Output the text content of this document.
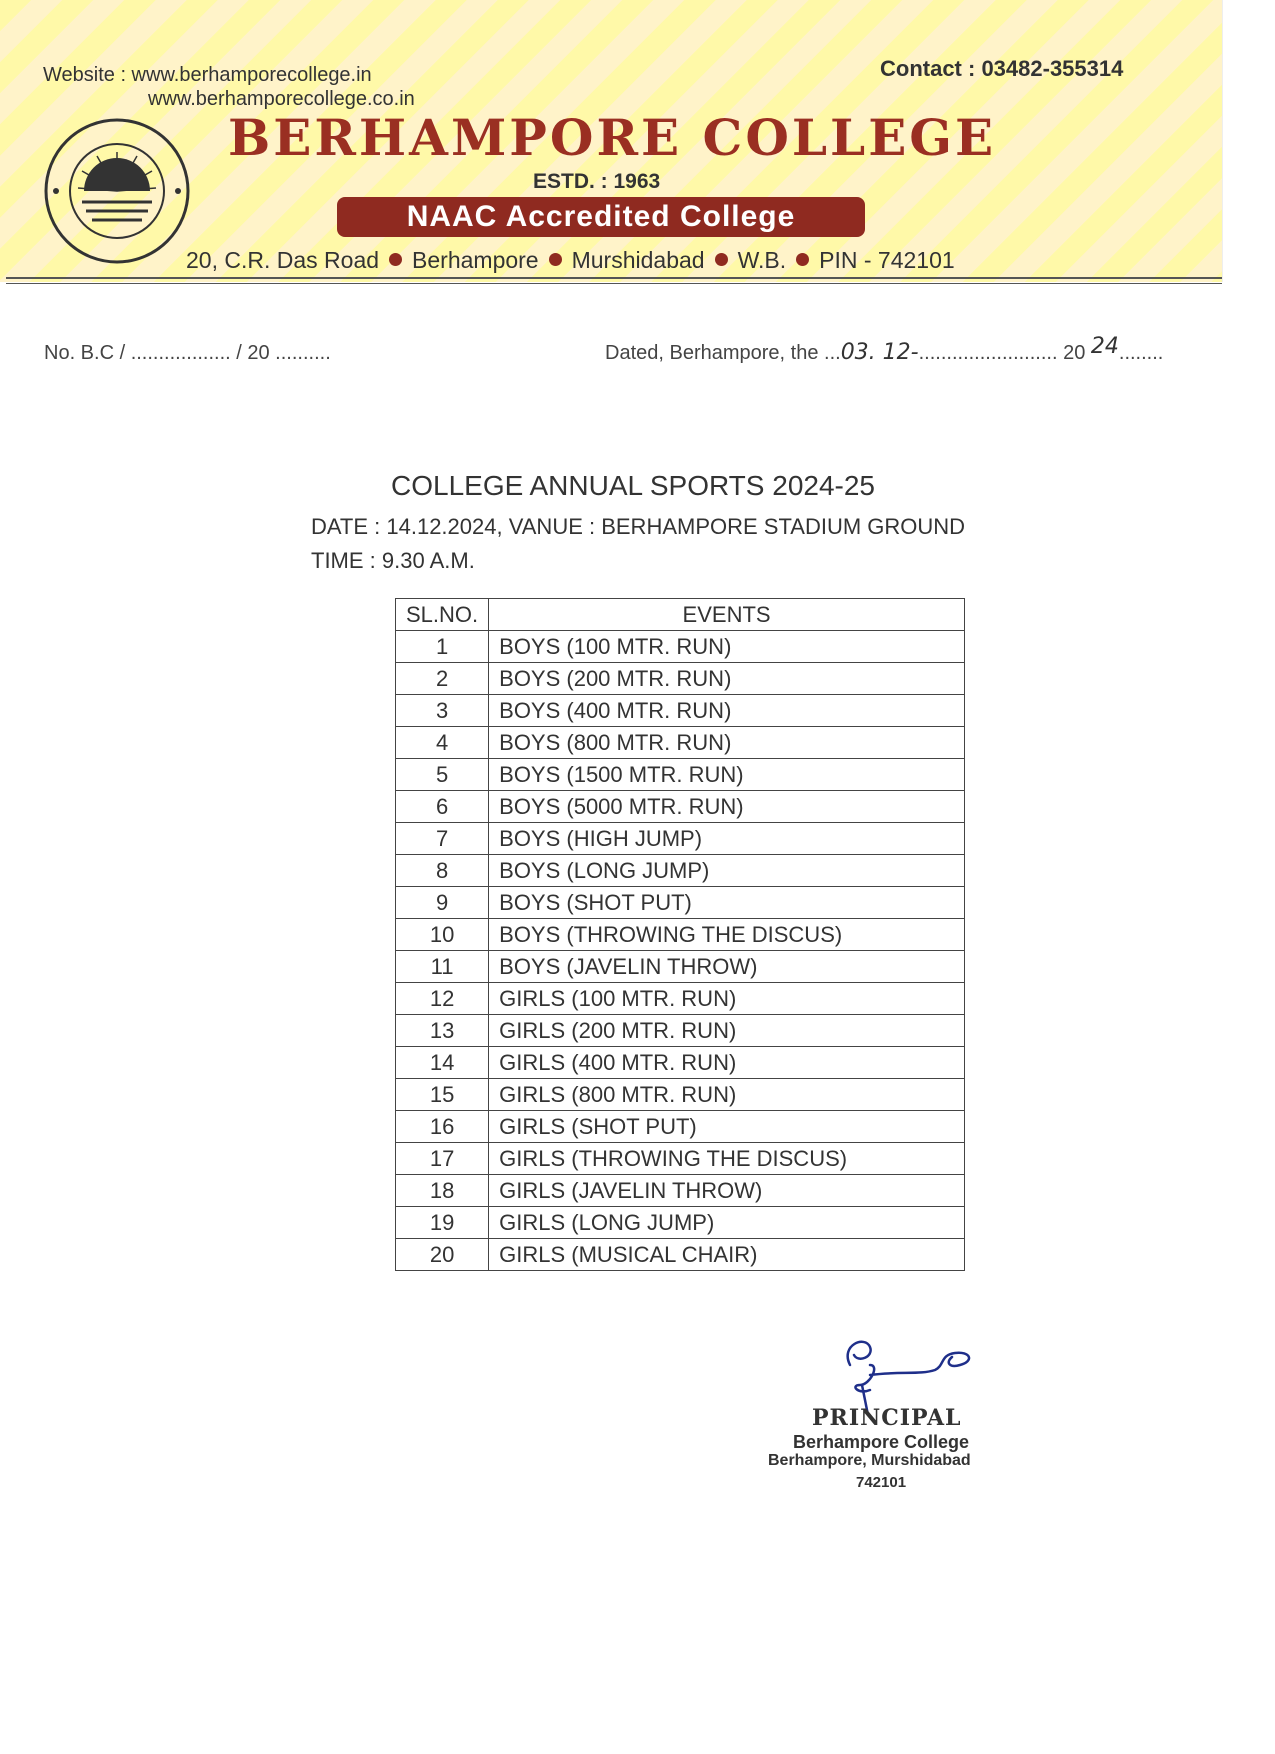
Website : www.berhamporecollege.in
www.berhamporecollege.co.in
Contact : 03482-355314
BERHAMPORE COLLEGE
ESTD. : 1963
NAAC Accredited College
20, C.R. Das Road Berhampore Murshidabad W.B. PIN - 742101
No. B.C / .................. / 20 ..........	Dated, Berhampore, the ...03. 12-......................... 20 24........
COLLEGE ANNUAL SPORTS 2024-25
DATE : 14.12.2024, VANUE : BERHAMPORE STADIUM GROUND
TIME : 9.30 A.M.
SL.NO.	EVENTS
1	BOYS (100 MTR. RUN)
2	BOYS (200 MTR. RUN)
3	BOYS (400 MTR. RUN)
4	BOYS (800 MTR. RUN)
5	BOYS (1500 MTR. RUN)
6	BOYS (5000 MTR. RUN)
7	BOYS (HIGH JUMP)
8	BOYS (LONG JUMP)
9	BOYS (SHOT PUT)
10	BOYS (THROWING THE DISCUS)
11	BOYS (JAVELIN THROW)
12	GIRLS (100 MTR. RUN)
13	GIRLS (200 MTR. RUN)
14	GIRLS (400 MTR. RUN)
15	GIRLS (800 MTR. RUN)
16	GIRLS (SHOT PUT)
17	GIRLS (THROWING THE DISCUS)
18	GIRLS (JAVELIN THROW)
19	GIRLS (LONG JUMP)
20	GIRLS (MUSICAL CHAIR)
PRINCIPAL
Berhampore College
Berhampore, Murshidabad
742101
